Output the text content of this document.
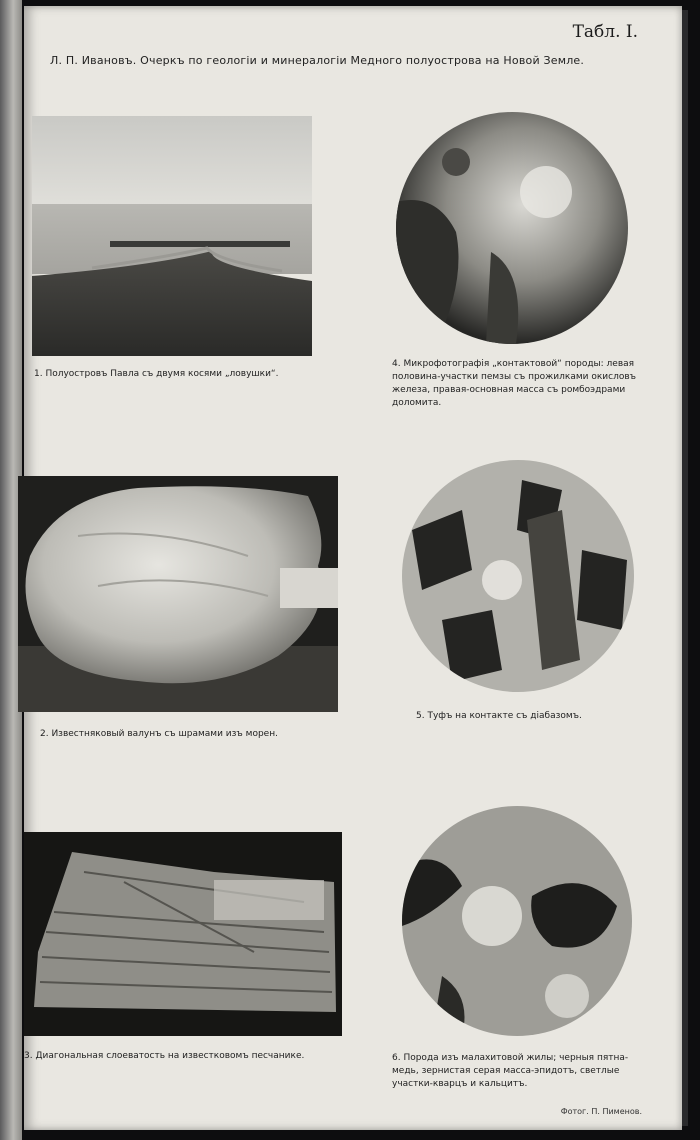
Табл. I.
Л. П. Ивановъ. Очеркъ по геологiи и минералогiи Медного полуострова на Новой Земле.
1. Полуостровъ Павла съ двумя косями „ловушки“.
2. Известняковый валунъ съ шрамами изъ морен.
3. Диагональная слоеватость на известковомъ песчанике.
4. Микрофотографiя „контактовой“ породы: левая половина-участки пемзы съ прожилками окисловъ железа, правая-основная масса съ ромбоэдрами доломита.
5. Туфъ на контакте съ дiабазомъ.
6. Порода изъ малахитовой жилы; черныя пятна-медь, зернистая серая масса-эпидотъ, светлые участки-кварцъ и кальцитъ.
Фотог. П. Пименов.
